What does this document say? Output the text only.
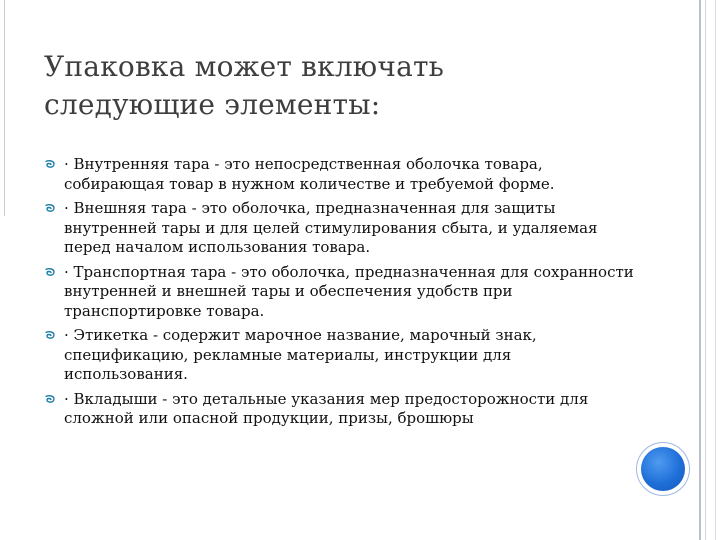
Упаковка может включать
следующие элементы:
· Внутренняя тара - это непосредственная оболочка товара, собирающая товар в нужном количестве и требуемой форме.
· Внешняя тара - это оболочка, предназначенная для защиты внутренней тары и для целей стимулирования сбыта, и удаляемая перед началом использования товара.
· Транспортная тара - это оболочка, предназначенная для сохранности внутренней и внешней тары и обеспечения удобств при транспортировке товара.
· Этикетка - содержит марочное название, марочный знак, спецификацию, рекламные материалы, инструкции для использования.
· Вкладыши - это детальные указания мер предосторожности для сложной или опасной продукции, призы, брошюры
